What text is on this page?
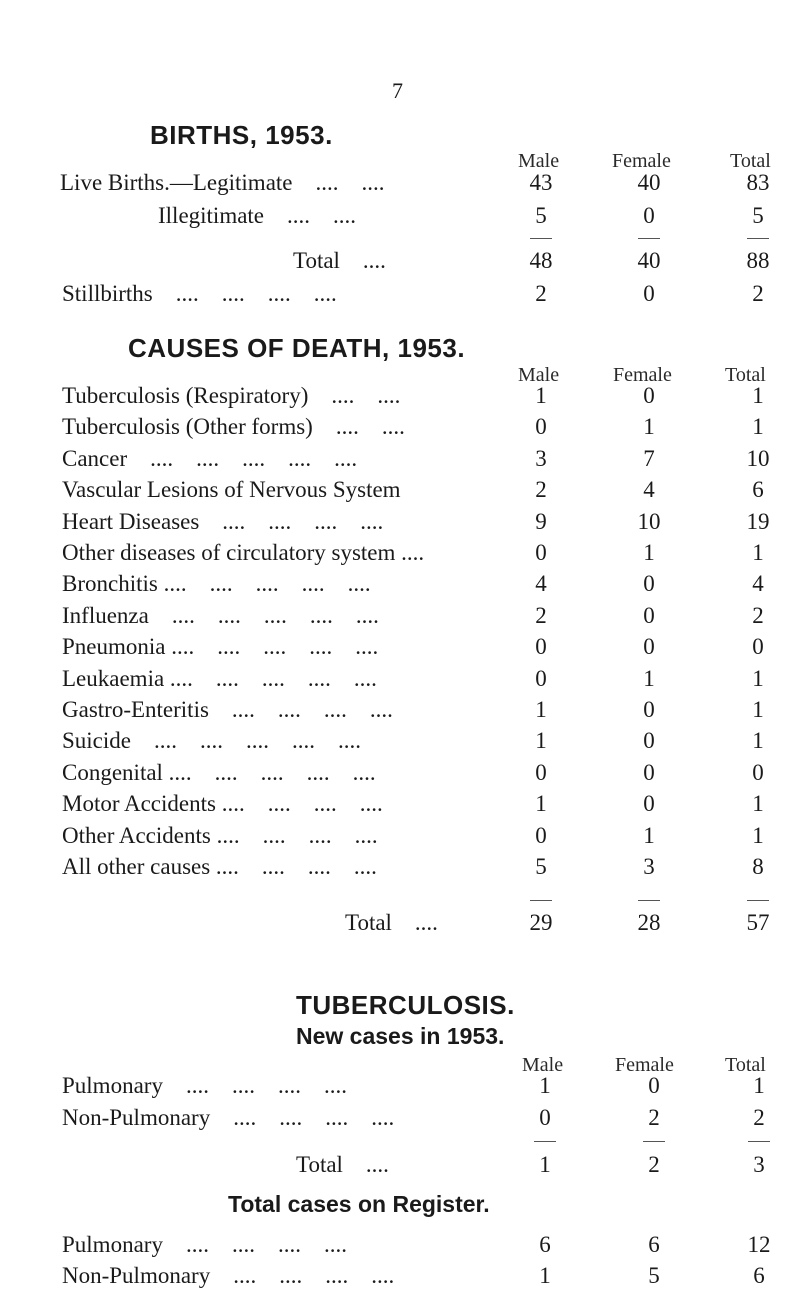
7
BIRTHS, 1953.
Male	Female	Total
Live Births.—Legitimate    ....    ....	43	40	83
Illegitimate    ....    ....	5	0	5
Total    ....	48	40	88
Stillbirths    ....    ....    ....    ....	2	0	2
CAUSES OF DEATH, 1953.
Male	Female	Total
Tuberculosis (Respiratory)    ....    ....	1	0	1
Tuberculosis (Other forms)    ....    ....	0	1	1
Cancer    ....    ....    ....    ....    ....	3	7	10
Vascular Lesions of Nervous System	2	4	6
Heart Diseases    ....    ....    ....    ....	9	10	19
Other diseases of circulatory system ....	0	1	1
Bronchitis ....    ....    ....    ....    ....	4	0	4
Influenza    ....    ....    ....    ....    ....	2	0	2
Pneumonia ....    ....    ....    ....    ....	0	0	0
Leukaemia ....    ....    ....    ....    ....	0	1	1
Gastro-Enteritis    ....    ....    ....    ....	1	0	1
Suicide    ....    ....    ....    ....    ....	1	0	1
Congenital ....    ....    ....    ....    ....	0	0	0
Motor Accidents ....    ....    ....    ....	1	0	1
Other Accidents ....    ....    ....    ....	0	1	1
All other causes ....    ....    ....    ....	5	3	8
Total    ....	29	28	57
TUBERCULOSIS.
New cases in 1953.
Male	Female	Total
Pulmonary    ....    ....    ....    ....	1	0	1
Non-Pulmonary    ....    ....    ....    ....	0	2	2
Total    ....	1	2	3
Total cases on Register.
Pulmonary    ....    ....    ....    ....	6	6	12
Non-Pulmonary    ....    ....    ....    ....	1	5	6
